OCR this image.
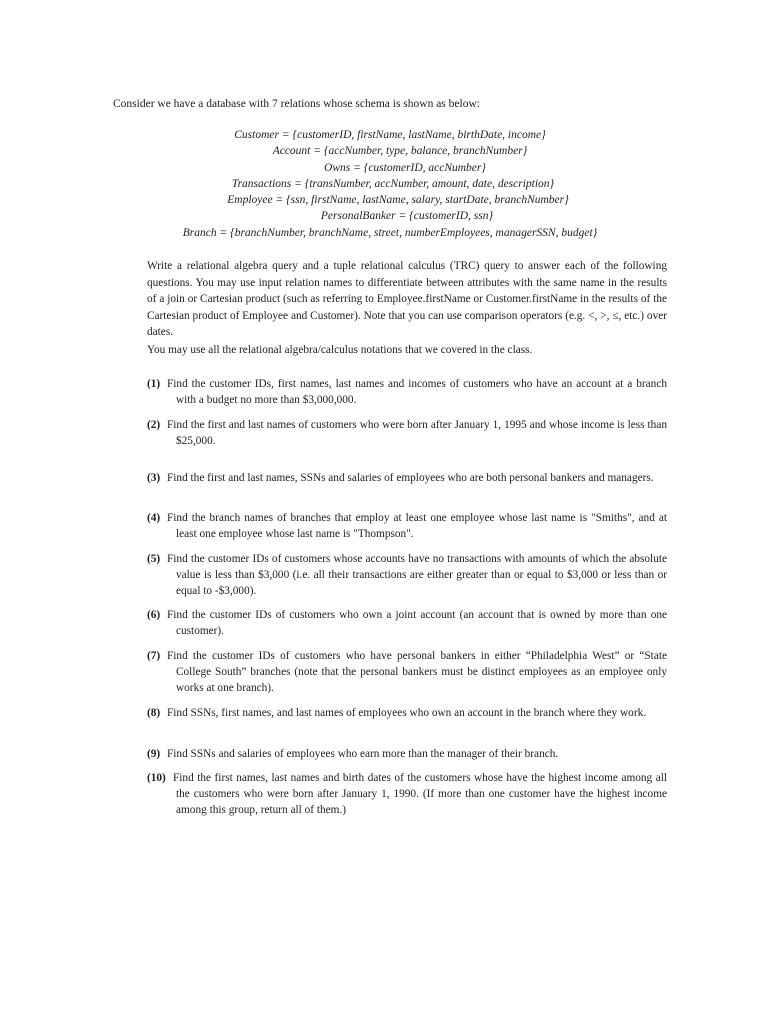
Consider we have a database with 7 relations whose schema is shown as below:
Customer = {customerID, firstName, lastName, birthDate, income}
Account = {accNumber, type, balance, branchNumber}
Owns = {customerID, accNumber}
Transactions = {transNumber, accNumber, amount, date, description}
Employee = {ssn, firstName, lastName, salary, startDate, branchNumber}
PersonalBanker = {customerID, ssn}
Branch = {branchNumber, branchName, street, numberEmployees, managerSSN, budget}
Write a relational algebra query and a tuple relational calculus (TRC) query to answer each of the following questions. You may use input relation names to differentiate between attributes with the same name in the results of a join or Cartesian product (such as referring to Employee.firstName or Customer.firstName in the results of the Cartesian product of Employee and Customer). Note that you can use comparison operators (e.g. <, >, ≤, etc.) over dates.
You may use all the relational algebra/calculus notations that we covered in the class.
(1) Find the customer IDs, first names, last names and incomes of customers who have an account at a branch with a budget no more than $3,000,000.
(2) Find the first and last names of customers who were born after January 1, 1995 and whose income is less than $25,000.
(3) Find the first and last names, SSNs and salaries of employees who are both personal bankers and managers.
(4) Find the branch names of branches that employ at least one employee whose last name is "Smiths", and at least one employee whose last name is "Thompson".
(5) Find the customer IDs of customers whose accounts have no transactions with amounts of which the absolute value is less than $3,000 (i.e. all their transactions are either greater than or equal to $3,000 or less than or equal to -$3,000).
(6) Find the customer IDs of customers who own a joint account (an account that is owned by more than one customer).
(7) Find the customer IDs of customers who have personal bankers in either “Philadelphia West” or “State College South” branches (note that the personal bankers must be distinct employees as an employee only works at one branch).
(8) Find SSNs, first names, and last names of employees who own an account in the branch where they work.
(9) Find SSNs and salaries of employees who earn more than the manager of their branch.
(10) Find the first names, last names and birth dates of the customers whose have the highest income among all the customers who were born after January 1, 1990. (If more than one customer have the highest income among this group, return all of them.)
